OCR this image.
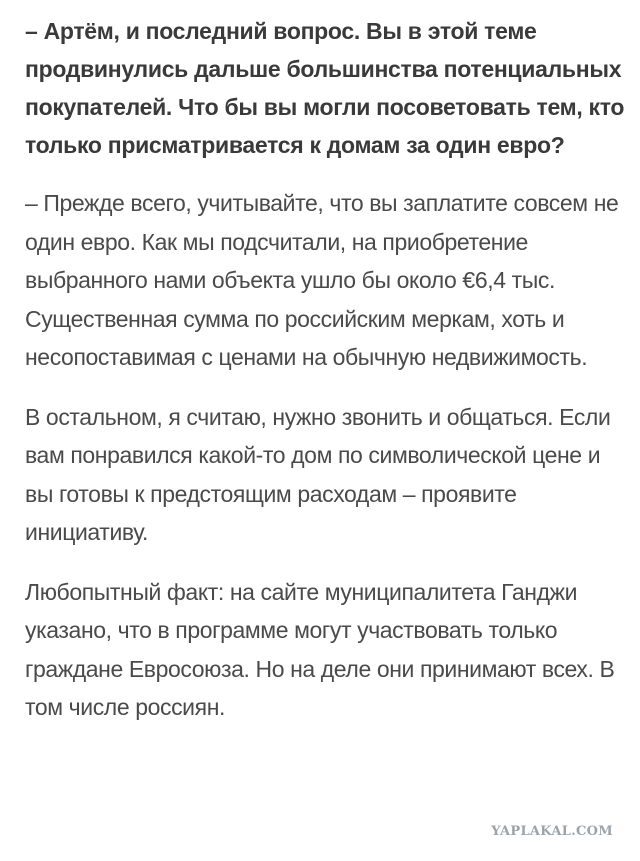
– Артём, и последний вопрос. Вы в этой теме продвинулись дальше большинства потенциальных покупателей. Что бы вы могли посоветовать тем, кто только присматривается к домам за один евро?

– Прежде всего, учитывайте, что вы заплатите совсем не один евро. Как мы подсчитали, на приобретение выбранного нами объекта ушло бы около €6,4 тыс. Существенная сумма по российским меркам, хоть и несопоставимая с ценами на обычную недвижимость.

В остальном, я считаю, нужно звонить и общаться. Если вам понравился какой-то дом по символической цене и вы готовы к предстоящим расходам – проявите инициативу.

Любопытный факт: на сайте муниципалитета Ганджи указано, что в программе могут участвовать только граждане Евросоюза. Но на деле они принимают всех. В том числе россиян.

YAPLAKAL.COM
